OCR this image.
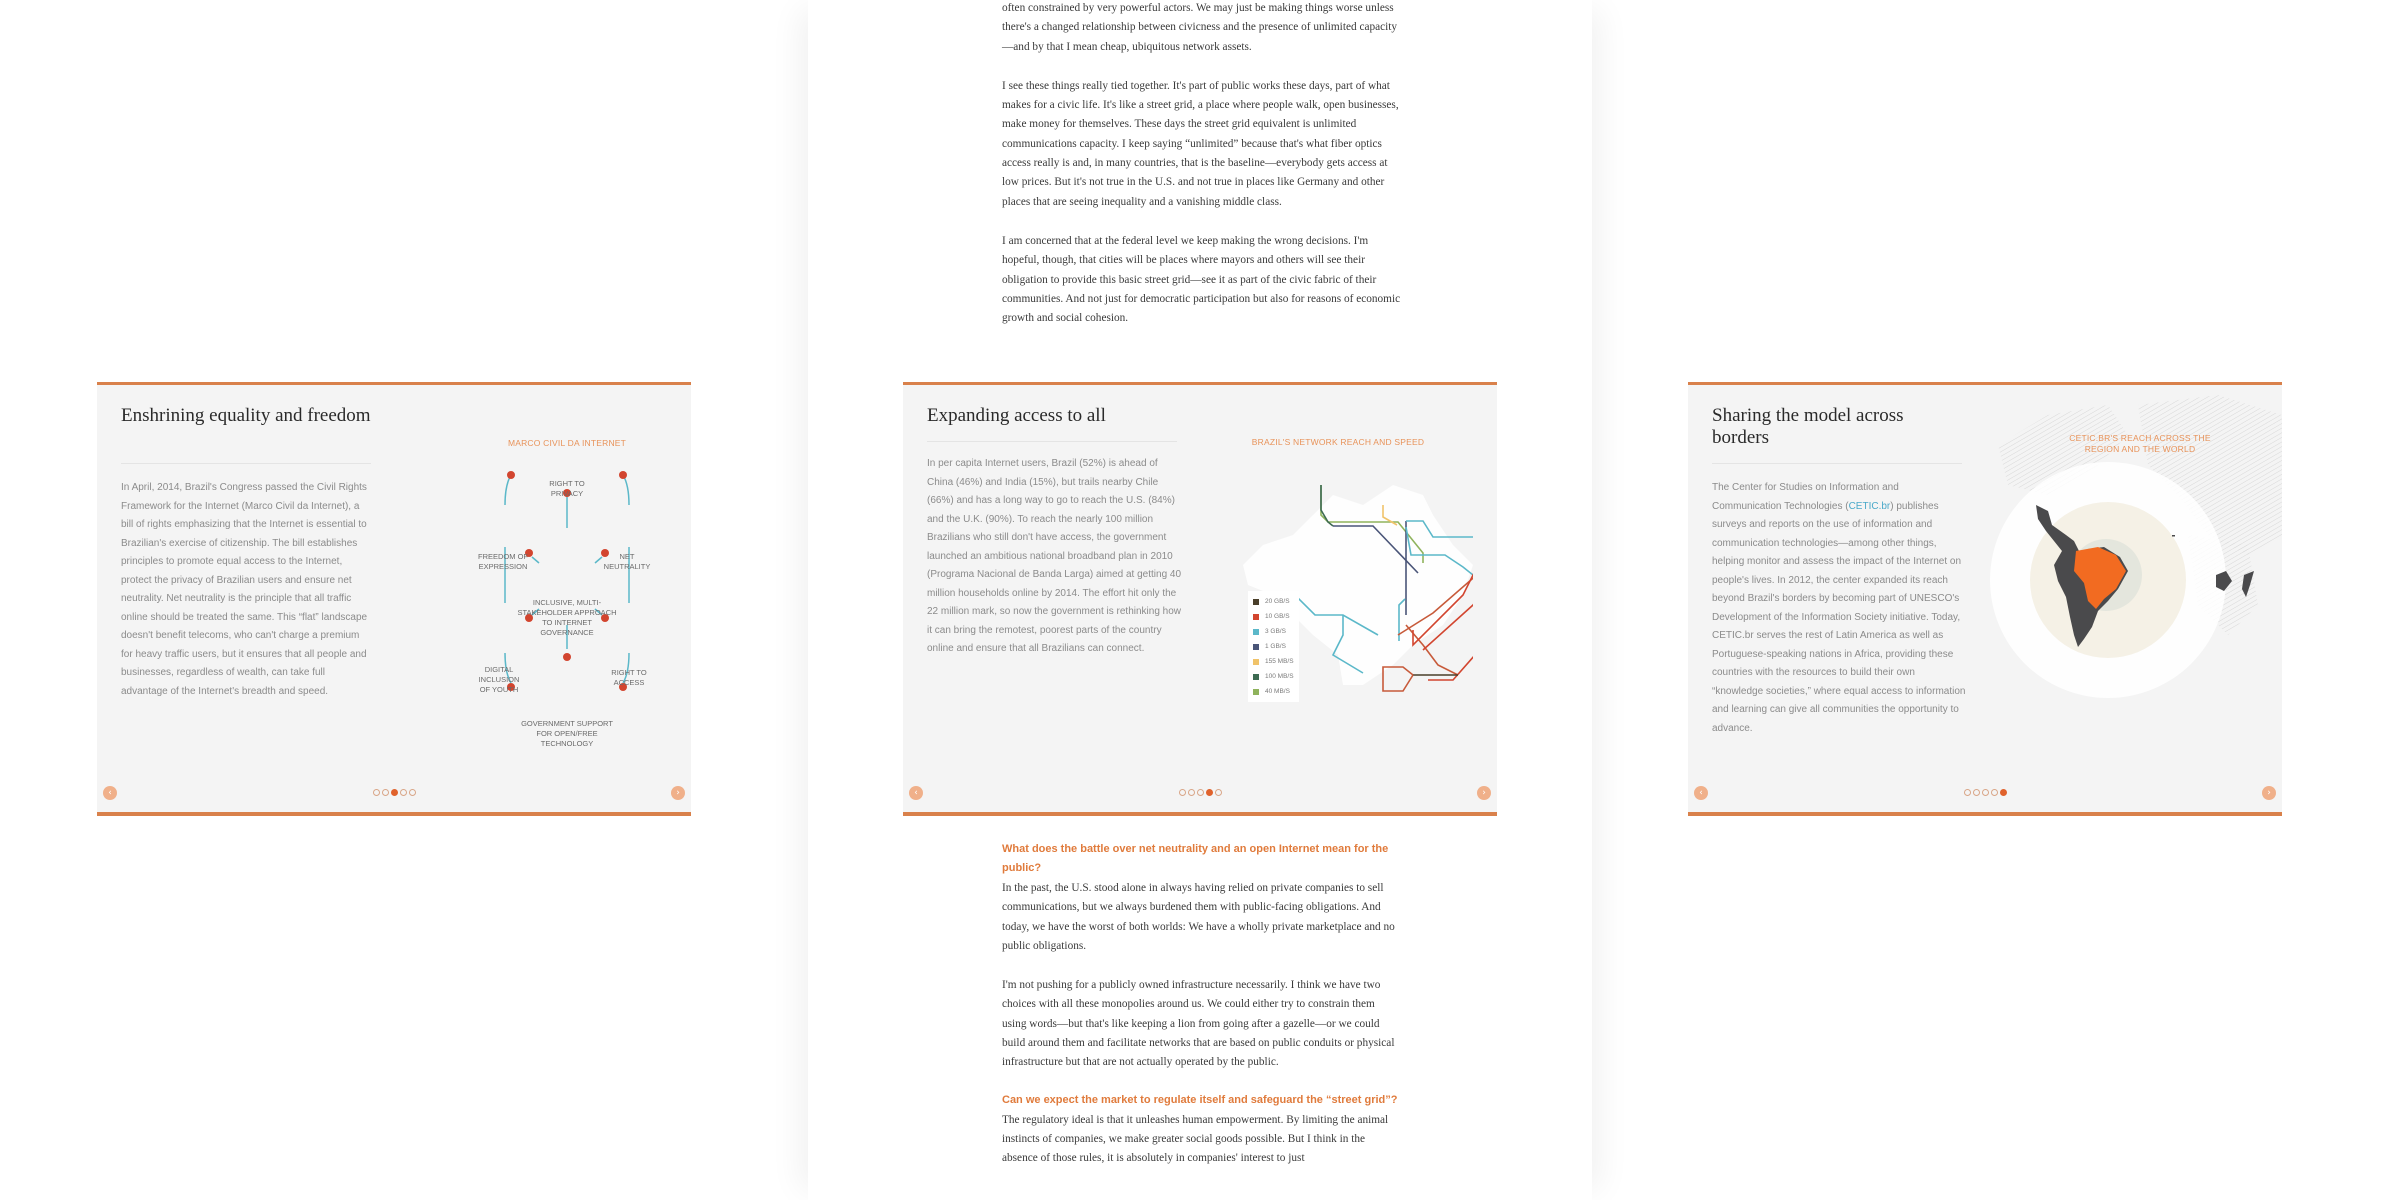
often constrained by very powerful actors. We may just be making things worse unless there's a changed relationship between civicness and the presence of unlimited capacity—and by that I mean cheap, ubiquitous network assets.

I see these things really tied together. It's part of public works these days, part of what makes for a civic life. It's like a street grid, a place where people walk, open businesses, make money for themselves. These days the street grid equivalent is unlimited communications capacity. I keep saying “unlimited” because that's what fiber optics access really is and, in many countries, that is the baseline—everybody gets access at low prices. But it's not true in the U.S. and not true in places like Germany and other places that are seeing inequality and a vanishing middle class.

I am concerned that at the federal level we keep making the wrong decisions. I'm hopeful, though, that cities will be places where mayors and others will see their obligation to provide this basic street grid—see it as part of the civic fabric of their communities. And not just for democratic participation but also for reasons of economic growth and social cohesion.

What does the battle over net neutrality and an open Internet mean for the public?

In the past, the U.S. stood alone in always having relied on private companies to sell communications, but we always burdened them with public-facing obligations. And today, we have the worst of both worlds: We have a wholly private marketplace and no public obligations.

I'm not pushing for a publicly owned infrastructure necessarily. I think we have two choices with all these monopolies around us. We could either try to constrain them using words—but that's like keeping a lion from going after a gazelle—or we could build around them and facilitate networks that are based on public conduits or physical infrastructure but that are not actually operated by the public.

Can we expect the market to regulate itself and safeguard the “street grid”?

The regulatory ideal is that it unleashes human empowerment. By limiting the animal instincts of companies, we make greater social goods possible. But I think in the absence of those rules, it is absolutely in companies' interest to just

Enshrining equality and freedom
In April, 2014, Brazil's Congress passed the Civil Rights Framework for the Internet (Marco Civil da Internet), a bill of rights emphasizing that the Internet is essential to Brazilian's exercise of citizenship. The bill establishes principles to promote equal access to the Internet, protect the privacy of Brazilian users and ensure net neutrality. Net neutrality is the principle that all traffic online should be treated the same. This “flat” landscape doesn't benefit telecoms, who can't charge a premium for heavy traffic users, but it ensures that all people and businesses, regardless of wealth, can take full advantage of the Internet's breadth and speed.
MARCO CIVIL DA INTERNET
RIGHT TO PRIVACY
FREEDOM OF EXPRESSION
NET NEUTRALITY
INCLUSIVE, MULTI-STAKEHOLDER APPROACH TO INTERNET GOVERNANCE
DIGITAL INCLUSION OF YOUTH
RIGHT TO ACCESS
GOVERNMENT SUPPORT FOR OPEN/FREE TECHNOLOGY
‹	›
Expanding access to all
In per capita Internet users, Brazil (52%) is ahead of China (46%) and India (15%), but trails nearby Chile (66%) and has a long way to go to reach the U.S. (84%) and the U.K. (90%). To reach the nearly 100 million Brazilians who still don't have access, the government launched an ambitious national broadband plan in 2010 (Programa Nacional de Banda Larga) aimed at getting 40 million households online by 2014. The effort hit only the 22 million mark, so now the government is rethinking how it can bring the remotest, poorest parts of the country online and ensure that all Brazilians can connect.
BRAZIL'S NETWORK REACH AND SPEED
20 GB/S
10 GB/S
3 GB/S
1 GB/S
155 MB/S
100 MB/S
40 MB/S
‹	›
Sharing the model across borders
The Center for Studies on Information and Communication Technologies (CETIC.br) publishes surveys and reports on the use of information and communication technologies—among other things, helping monitor and assess the impact of the Internet on people's lives. In 2012, the center expanded its reach beyond Brazil's borders by becoming part of UNESCO's Development of the Information Society initiative. Today, CETIC.br serves the rest of Latin America as well as Portuguese-speaking nations in Africa, providing these countries with the resources to build their own “knowledge societies,” where equal access to information and learning can give all communities the opportunity to advance.
CETIC.BR'S REACH ACROSS THE REGION AND THE WORLD
‹	›
